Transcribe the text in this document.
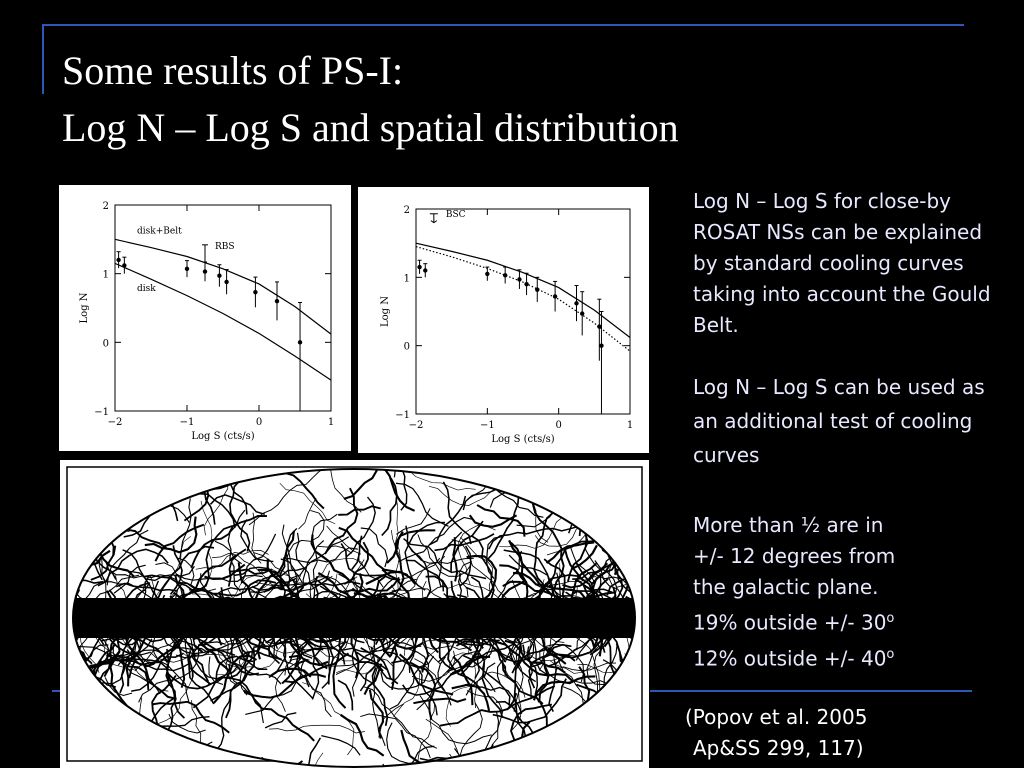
Some results of PS-I:
Log N – Log S and spatial distribution
−2	−1	0	1
−1
0
1
2
Log S (cts/s)
Log N
disk+Belt
disk
RBS
−2	−1	0	1
−1
0
1
2
Log S (cts/s)
Log N
BSC

Log N – Log S for close-by ROSAT NSs can be explained by standard cooling curves taking into account the Gould Belt.

Log N – Log S can be used as an additional test of cooling curves

More than ½ are in

+/- 12 degrees from

the galactic plane.

19% outside +/- 30$^o$

12% outside +/- 40$^o$

(Popov et al. 2005
Ap&SS 299, 117)
